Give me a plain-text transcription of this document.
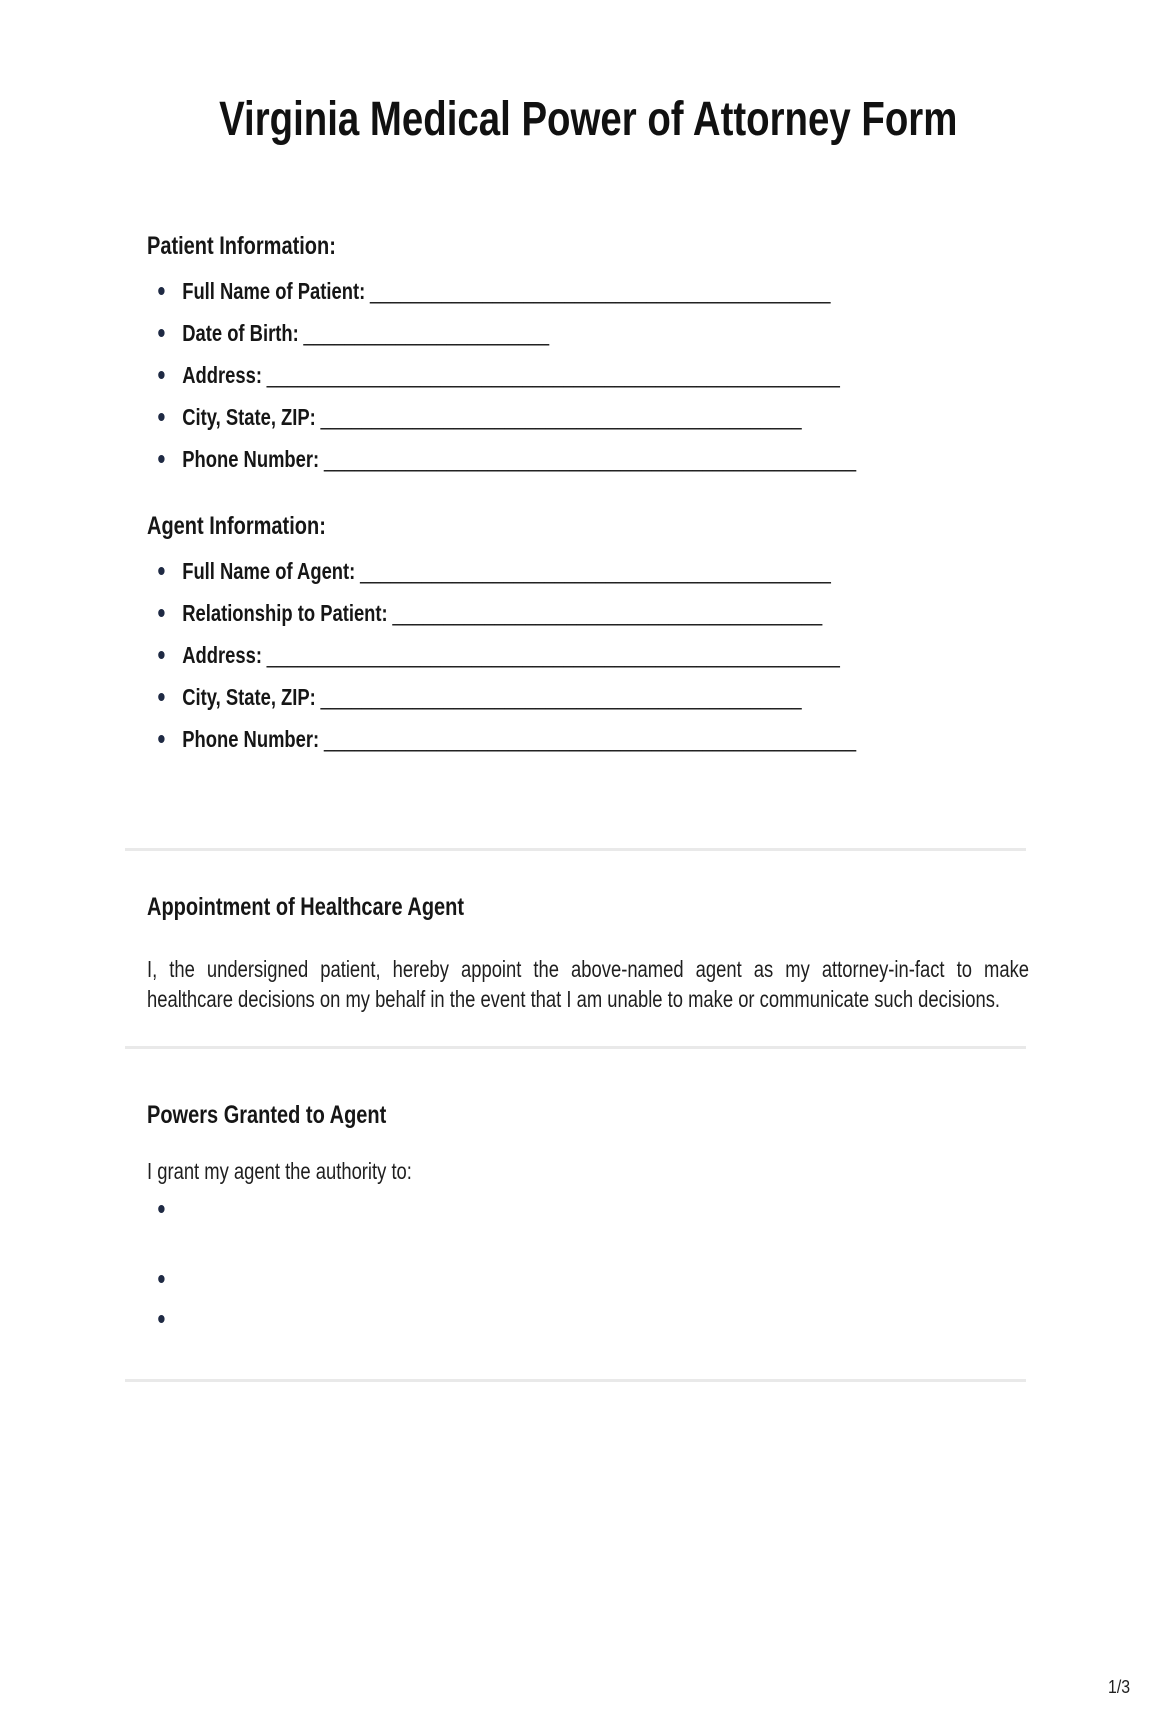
Virginia Medical Power of Attorney Form
Patient Information:
Full Name of Patient: _____________________________________________
Date of Birth: ________________________
Address: ________________________________________________________
City, State, ZIP: _______________________________________________
Phone Number: ____________________________________________________
Agent Information:
Full Name of Agent: ______________________________________________
Relationship to Patient: __________________________________________
Address: ________________________________________________________
City, State, ZIP: _______________________________________________
Phone Number: ____________________________________________________
Appointment of Healthcare Agent

I, the undersigned patient, hereby appoint the above-named agent as my attorney-in-fact to make healthcare decisions on my behalf in the event that I am unable to make or communicate such decisions.

Powers Granted to Agent

I grant my agent the authority to:

1/3
